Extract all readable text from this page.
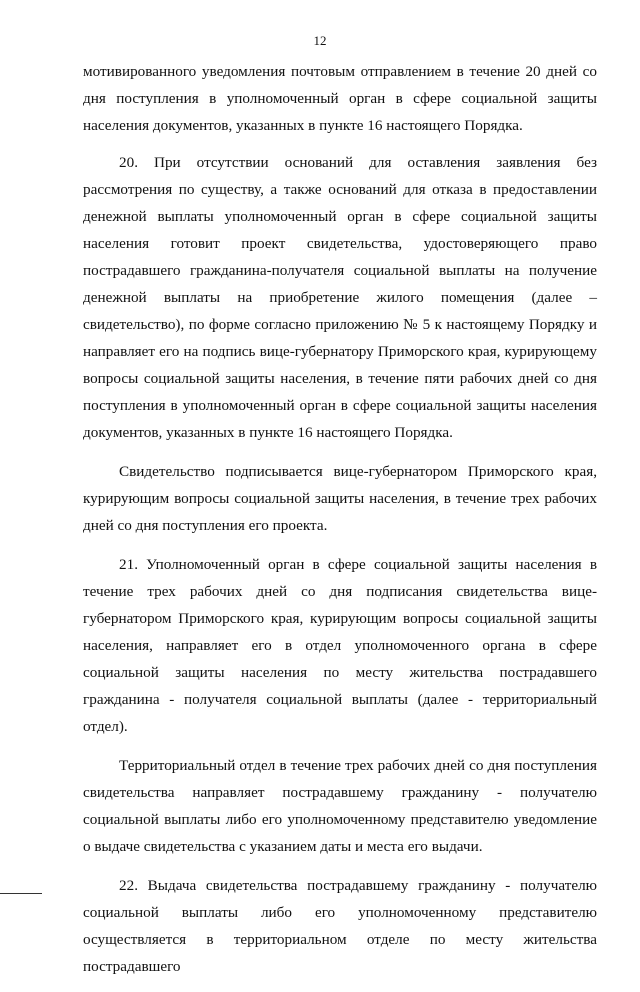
12

мотивированного уведомления почтовым отправлением в течение 20 дней со дня поступления в уполномоченный орган в сфере социальной защиты населения документов, указанных в пункте 16 настоящего Порядка.

20. При отсутствии оснований для оставления заявления без рассмотрения по существу, а также оснований для отказа в предоставлении денежной выплаты уполномоченный орган в сфере социальной защиты населения готовит проект свидетельства, удостоверяющего право пострадавшего гражданина-получателя социальной выплаты на получение денежной выплаты на приобретение жилого помещения (далее – свидетельство), по форме согласно приложению № 5 к настоящему Порядку и направляет его на подпись вице-губернатору Приморского края, курирующему вопросы социальной защиты населения, в течение пяти рабочих дней со дня поступления в уполномоченный орган в сфере социальной защиты населения документов, указанных в пункте 16 настоящего Порядка.

Свидетельство подписывается вице-губернатором Приморского края, курирующим вопросы социальной защиты населения, в течение трех рабочих дней со дня поступления его проекта.

21. Уполномоченный орган в сфере социальной защиты населения в течение трех рабочих дней со дня подписания свидетельства вице-губернатором Приморского края, курирующим вопросы социальной защиты населения, направляет его в отдел уполномоченного органа в сфере социальной защиты населения по месту жительства пострадавшего гражданина - получателя социальной выплаты (далее - территориальный отдел).

Территориальный отдел в течение трех рабочих дней со дня поступления свидетельства направляет пострадавшему гражданину - получателю социальной выплаты либо его уполномоченному представителю уведомление о выдаче свидетельства с указанием даты и места его выдачи.

22. Выдача свидетельства пострадавшему гражданину - получателю социальной выплаты либо его уполномоченному представителю осуществляется в территориальном отделе по месту жительства пострадавшего
